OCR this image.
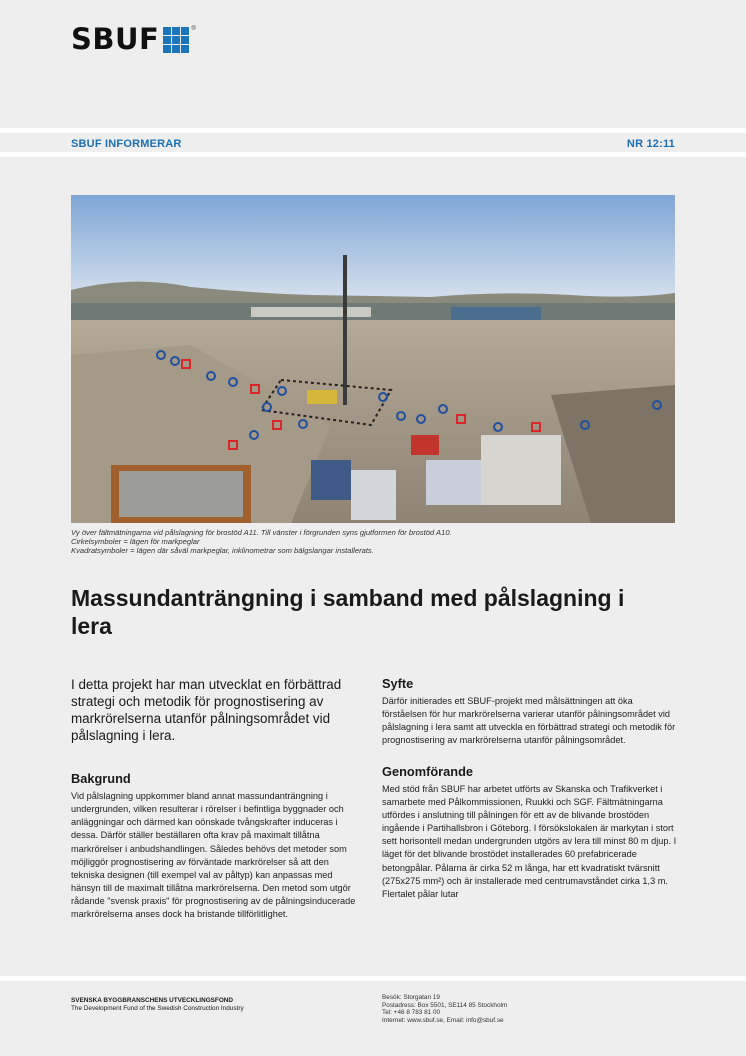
SBUF	®
SBUF INFORMERAR	NR 12:11
Vy över fältmätningarna vid pålslagning för brostöd A11. Till vänster i förgrunden syns gjutformen för brostöd A10.
Cirkelsymboler = lägen för markpeglar
Kvadratsymboler = lägen där såväl markpeglar, inklinometrar som bälgslangar installerats.
Massundanträngning i samband med pålslagning i lera

I detta projekt har man utvecklat en förbättrad strategi och metodik för prognostisering av markrörelserna utanför pålningsområdet vid pålslagning i lera.

Bakgrund

Vid pålslagning uppkommer bland annat massundanträngning i undergrunden, vilken resulterar i rörelser i befintliga byggnader och anläggningar och därmed kan oönskade tvångskrafter induceras i dessa. Därför ställer beställaren ofta krav på maximalt tillåtna markrörelser i anbudshandlingen. Således behövs det metoder som möjliggör prognostisering av förväntade markrörelser så att den tekniska designen (till exempel val av påltyp) kan anpassas med hänsyn till de maximalt tillåtna markrörelserna. Den metod som utgör rådande "svensk praxis" för prognostisering av de pålningsinducerade markrörelserna anses dock ha bristande tillförlitlighet.

Syfte

Därför initierades ett SBUF-projekt med målsättningen att öka förståelsen för hur markrörelserna varierar utanför pålningsområdet vid pålslagning i lera samt att utveckla en förbättrad strategi och metodik för prognostisering av markrörelserna utanför pålningsområdet.

Genomförande

Med stöd från SBUF har arbetet utförts av Skanska och Trafikverket i samarbete med Pålkommissionen, Ruukki och SGF. Fältmätningarna utfördes i anslutning till pålningen för ett av de blivande brostöden ingående i Partihallsbron i Göteborg. I försökslokalen är markytan i stort sett horisontell medan undergrunden utgörs av lera till minst 80 m djup. I läget för det blivande brostödet installerades 60 prefabricerade betongpålar. Pålarna är cirka 52 m långa, har ett kvadratiskt tvärsnitt (275x275 mm²) och är installerade med centrumavståndet cirka 1,3 m. Flertalet pålar lutar

SVENSKA BYGGBRANSCHENS UTVECKLINGSFOND
The Development Fund of the Swedish Construction Industry
Besök: Storgatan 19
Postadress: Box 5501, SE114 85 Stockholm
Tel: +46 8 783 81 00
Internet: www.sbuf.se, Email: info@sbuf.se
